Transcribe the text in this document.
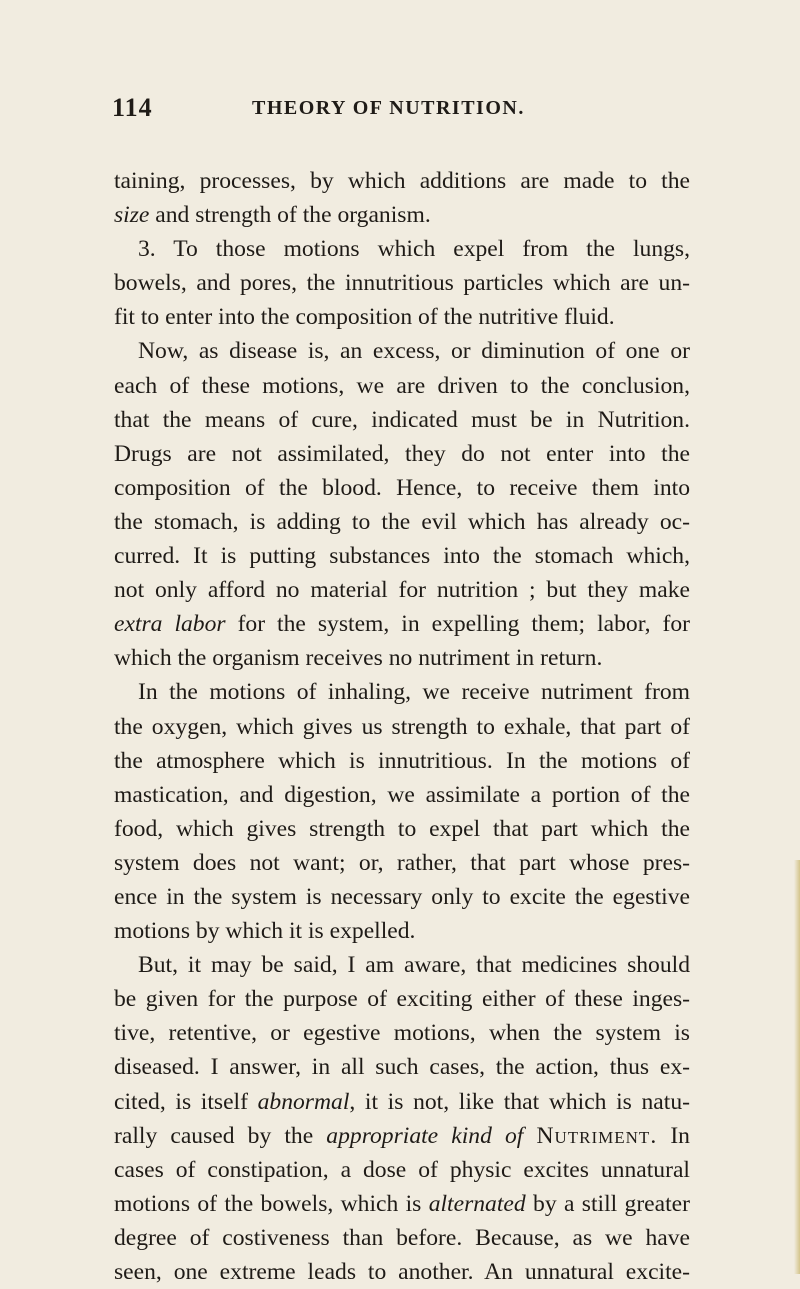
114	THEORY OF NUTRITION.
taining, processes, by which additions are made to the
size and strength of the organism.
3. To those motions which expel from the lungs,
bowels, and pores, the innutritious particles which are un-
fit to enter into the composition of the nutritive fluid.
Now, as disease is, an excess, or diminution of one or
each of these motions, we are driven to the conclusion,
that the means of cure, indicated must be in Nutrition.
Drugs are not assimilated, they do not enter into the
composition of the blood. Hence, to receive them into
the stomach, is adding to the evil which has already oc-
curred. It is putting substances into the stomach which,
not only afford no material for nutrition ; but they make
extra labor for the system, in expelling them; labor, for
which the organism receives no nutriment in return.
In the motions of inhaling, we receive nutriment from
the oxygen, which gives us strength to exhale, that part of
the atmosphere which is innutritious. In the motions of
mastication, and digestion, we assimilate a portion of the
food, which gives strength to expel that part which the
system does not want; or, rather, that part whose pres-
ence in the system is necessary only to excite the egestive
motions by which it is expelled.
But, it may be said, I am aware, that medicines should
be given for the purpose of exciting either of these inges-
tive, retentive, or egestive motions, when the system is
diseased. I answer, in all such cases, the action, thus ex-
cited, is itself abnormal, it is not, like that which is natu-
rally caused by the appropriate kind of Nutriment. In
cases of constipation, a dose of physic excites unnatural
motions of the bowels, which is alternated by a still greater
degree of costiveness than before. Because, as we have
seen, one extreme leads to another. An unnatural excite-
